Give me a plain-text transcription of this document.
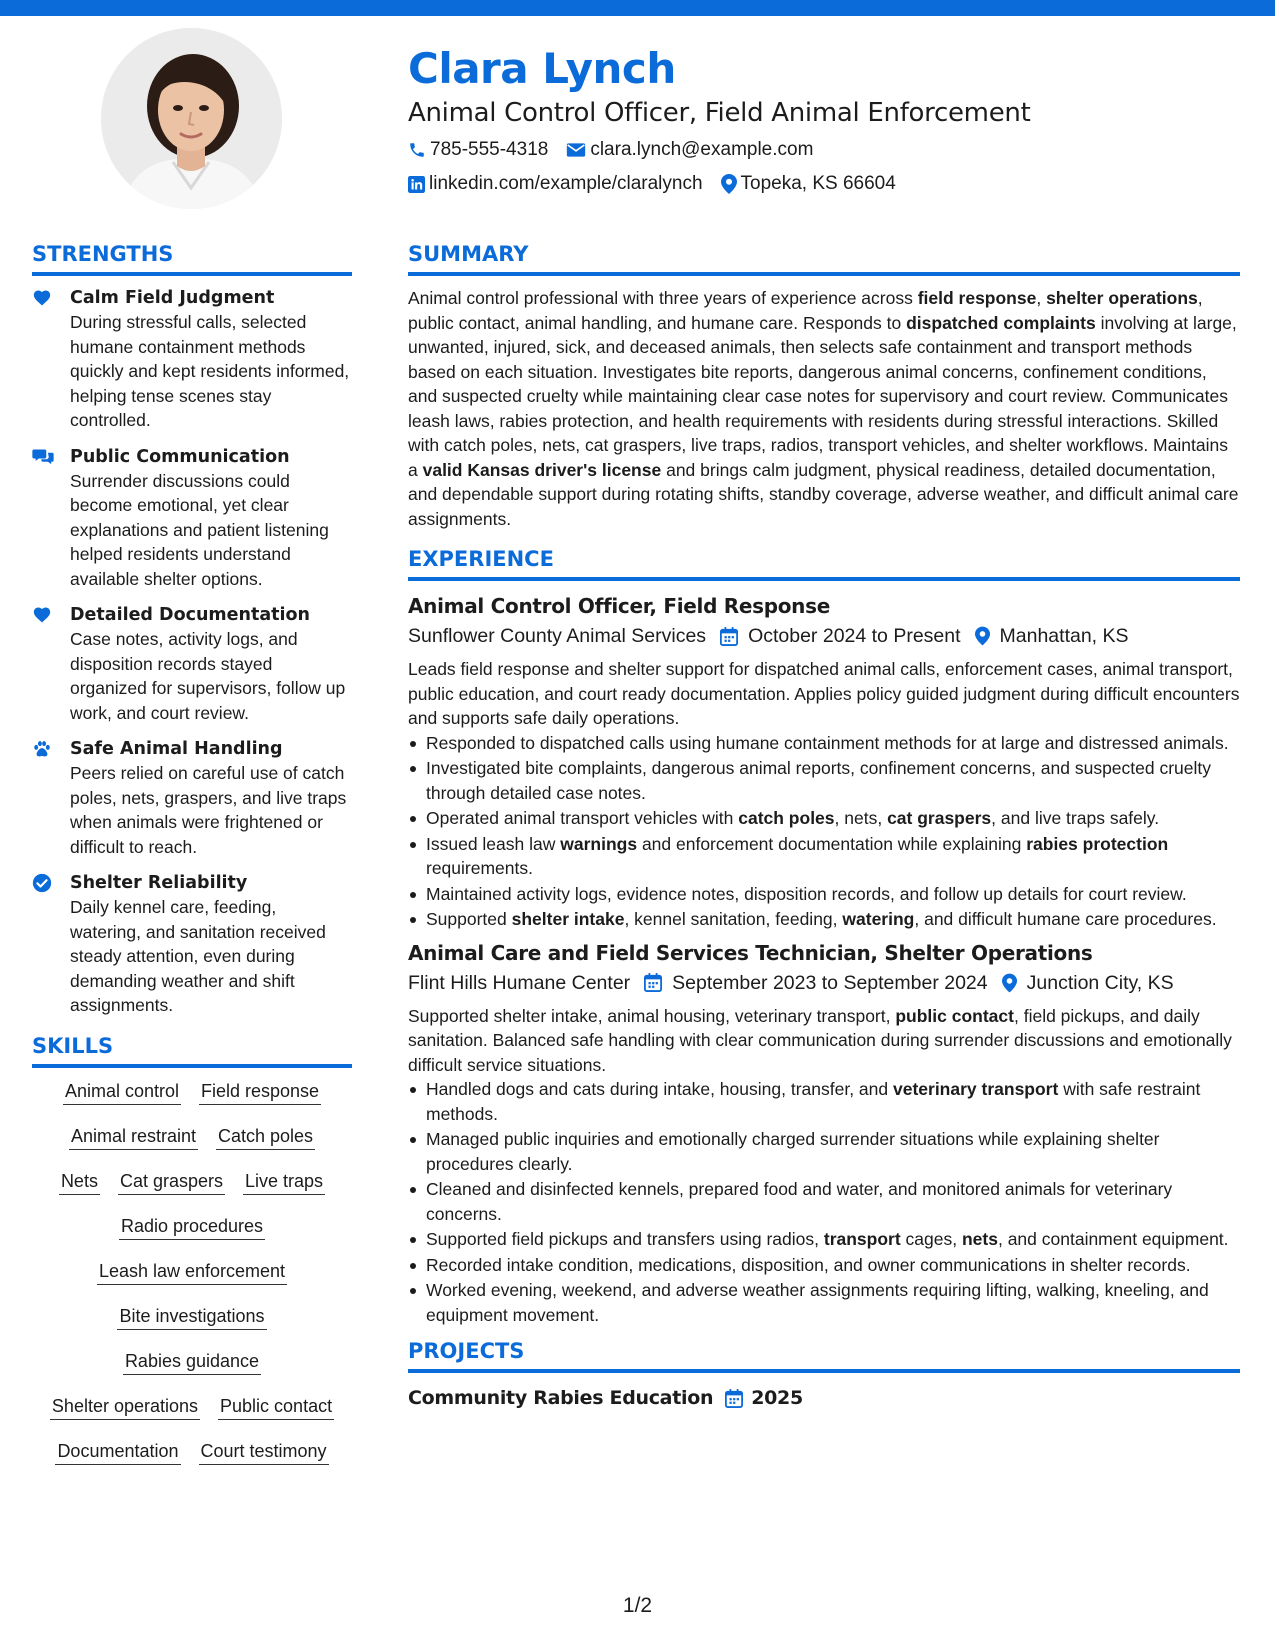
Clara Lynch
Animal Control Officer, Field Animal Enforcement
785-555-4318 clara.lynch@example.com
linkedin.com/example/claralynch Topeka, KS 66604
STRENGTHS
Calm Field Judgment
During stressful calls, selected humane containment methods quickly and kept residents informed, helping tense scenes stay controlled.
Public Communication
Surrender discussions could become emotional, yet clear explanations and patient listening helped residents understand available shelter options.
Detailed Documentation
Case notes, activity logs, and disposition records stayed organized for supervisors, follow up work, and court review.
Safe Animal Handling
Peers relied on careful use of catch poles, nets, graspers, and live traps when animals were frightened or difficult to reach.
Shelter Reliability
Daily kennel care, feeding, watering, and sanitation received steady attention, even during demanding weather and shift assignments.
SKILLS
Animal control Field response
Animal restraint Catch poles
Nets Cat graspers Live traps
Radio procedures
Leash law enforcement
Bite investigations
Rabies guidance
Shelter operations Public contact
Documentation Court testimony
SUMMARY
Animal control professional with three years of experience across field response, shelter operations, public contact, animal handling, and humane care. Responds to dispatched complaints involving at large, unwanted, injured, sick, and deceased animals, then selects safe containment and transport methods based on each situation. Investigates bite reports, dangerous animal concerns, confinement conditions, and suspected cruelty while maintaining clear case notes for supervisory and court review. Communicates leash laws, rabies protection, and health requirements with residents during stressful interactions. Skilled with catch poles, nets, cat graspers, live traps, radios, transport vehicles, and shelter workflows. Maintains a valid Kansas driver's license and brings calm judgment, physical readiness, detailed documentation, and dependable support during rotating shifts, standby coverage, adverse weather, and difficult animal care assignments.
EXPERIENCE
Animal Control Officer, Field Response
Sunflower County Animal Services October 2024 to Present Manhattan, KS
Leads field response and shelter support for dispatched animal calls, enforcement cases, animal transport, public education, and court ready documentation. Applies policy guided judgment during difficult encounters and supports safe daily operations.
Responded to dispatched calls using humane containment methods for at large and distressed animals.
Investigated bite complaints, dangerous animal reports, confinement concerns, and suspected cruelty through detailed case notes.
Operated animal transport vehicles with catch poles, nets, cat graspers, and live traps safely.
Issued leash law warnings and enforcement documentation while explaining rabies protection requirements.
Maintained activity logs, evidence notes, disposition records, and follow up details for court review.
Supported shelter intake, kennel sanitation, feeding, watering, and difficult humane care procedures.
Animal Care and Field Services Technician, Shelter Operations
Flint Hills Humane Center September 2023 to September 2024 Junction City, KS
Supported shelter intake, animal housing, veterinary transport, public contact, field pickups, and daily sanitation. Balanced safe handling with clear communication during surrender discussions and emotionally difficult service situations.
Handled dogs and cats during intake, housing, transfer, and veterinary transport with safe restraint methods.
Managed public inquiries and emotionally charged surrender situations while explaining shelter procedures clearly.
Cleaned and disinfected kennels, prepared food and water, and monitored animals for veterinary concerns.
Supported field pickups and transfers using radios, transport cages, nets, and containment equipment.
Recorded intake condition, medications, disposition, and owner communications in shelter records.
Worked evening, weekend, and adverse weather assignments requiring lifting, walking, kneeling, and equipment movement.
PROJECTS
Community Rabies Education 2025
1/2
